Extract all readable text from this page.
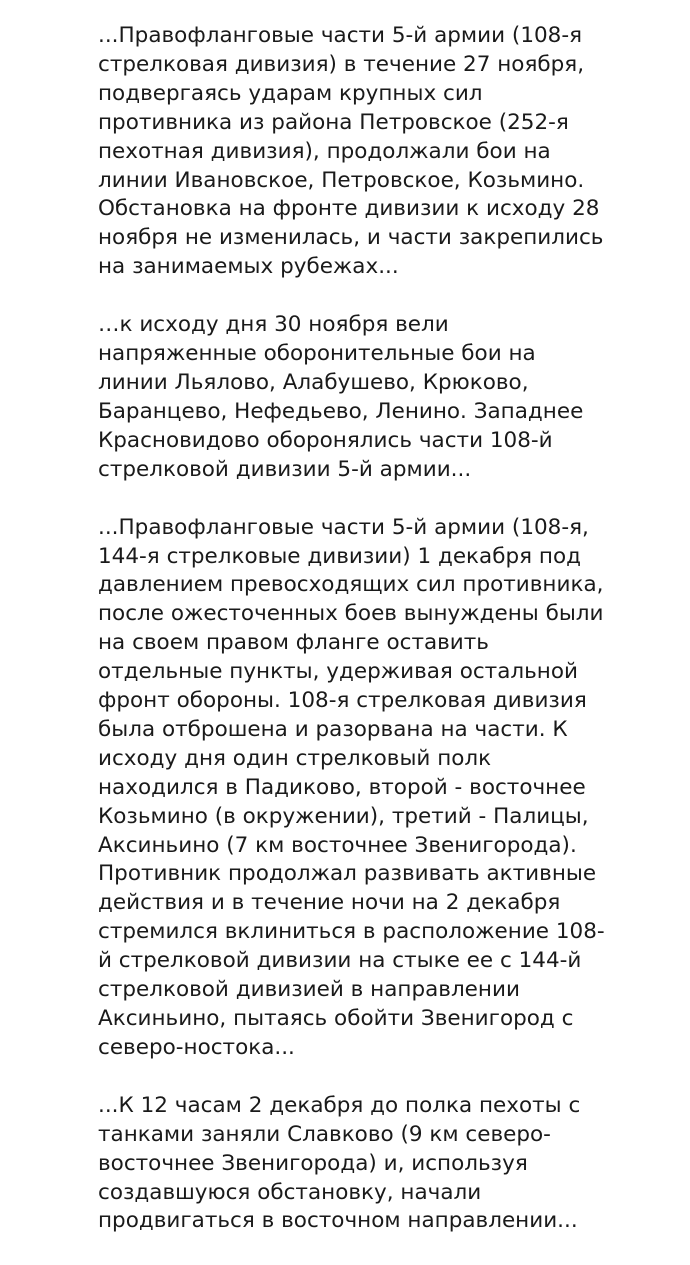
...Правофланговые части 5-й армии (108-я
стрелковая дивизия) в течение 27 ноября,
подвергаясь ударам крупных сил
противника из района Петровское (252-я
пехотная дивизия), продолжали бои на
линии Ивановское, Петровское, Козьмино.
Обстановка на фронте дивизии к исходу 28
ноября не изменилась, и части закрепились
на занимаемых рубежах...

…к исходу дня 30 ноября вели
напряженные оборонительные бои на
линии Льялово, Алабушево, Крюково,
Баранцево, Нефедьево, Ленино. Западнее
Красновидово оборонялись части 108-й
стрелковой дивизии 5-й армии...

...Правофланговые части 5-й армии (108-я,
144-я стрелковые дивизии) 1 декабря под
давлением превосходящих сил противника,
после ожесточенных боев вынуждены были
на своем правом фланге оставить
отдельные пункты, удерживая остальной
фронт обороны. 108-я стрелковая дивизия
была отброшена и разорвана на части. К
исходу дня один стрелковый полк
находился в Падиково, второй - восточнее
Козьмино (в окружении), третий - Палицы,
Аксиньино (7 км восточнее Звенигорода).
Противник продолжал развивать активные
действия и в течение ночи на 2 декабря
стремился вклиниться в расположение 108-
й стрелковой дивизии на стыке ее с 144-й
стрелковой дивизией в направлении
Аксиньино, пытаясь обойти Звенигород с
северо-ностока...

...К 12 часам 2 декабря до полка пехоты с
танками заняли Славково (9 км северо-
восточнее Звенигорода) и, используя
создавшуюся обстановку, начали
продвигаться в восточном направлении...
